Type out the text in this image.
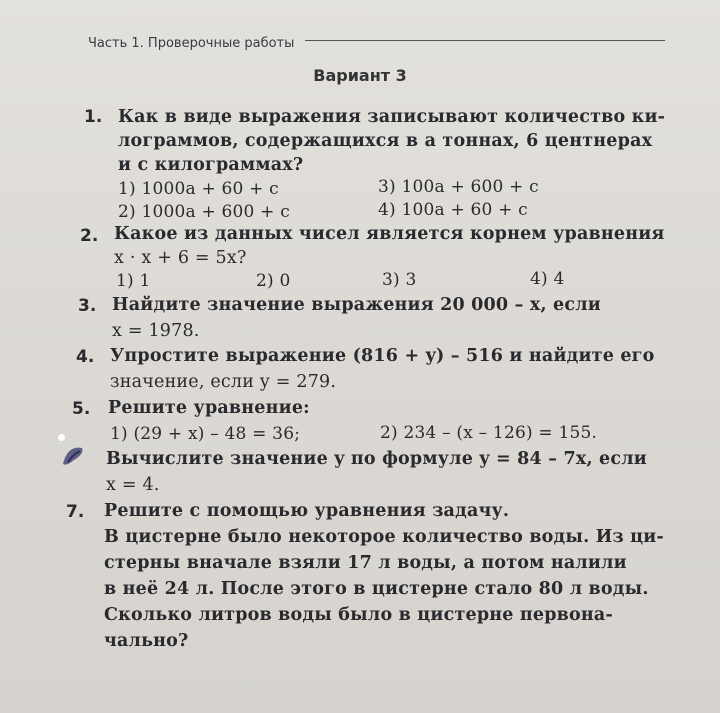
Часть 1. Проверочные работы
Вариант 3
1. Как в виде выражения записывают количество ки-
лограммов, содержащихся в a тоннах, 6 центнерах
и c килограммах?
1) 1000a + 60 + c	3) 100a + 600 + c
2) 1000a + 600 + c	4) 100a + 60 + c
2. Какое из данных чисел является корнем уравнения
x · x + 6 = 5x?
1) 1	2) 0	3) 3	4) 4
3. Найдите значение выражения 20 000 – x, если
x = 1978.
4. Упростите выражение (816 + y) – 516 и найдите его
значение, если y = 279.
5. Решите уравнение:
1) (29 + x) – 48 = 36;	2) 234 – (x – 126) = 155.
Вычислите значение y по формуле y = 84 – 7x, если
x = 4.
7. Решите с помощью уравнения задачу.
В цистерне было некоторое количество воды. Из ци-
стерны вначале взяли 17 л воды, а потом налили
в неё 24 л. После этого в цистерне стало 80 л воды.
Сколько литров воды было в цистерне первона-
чально?
